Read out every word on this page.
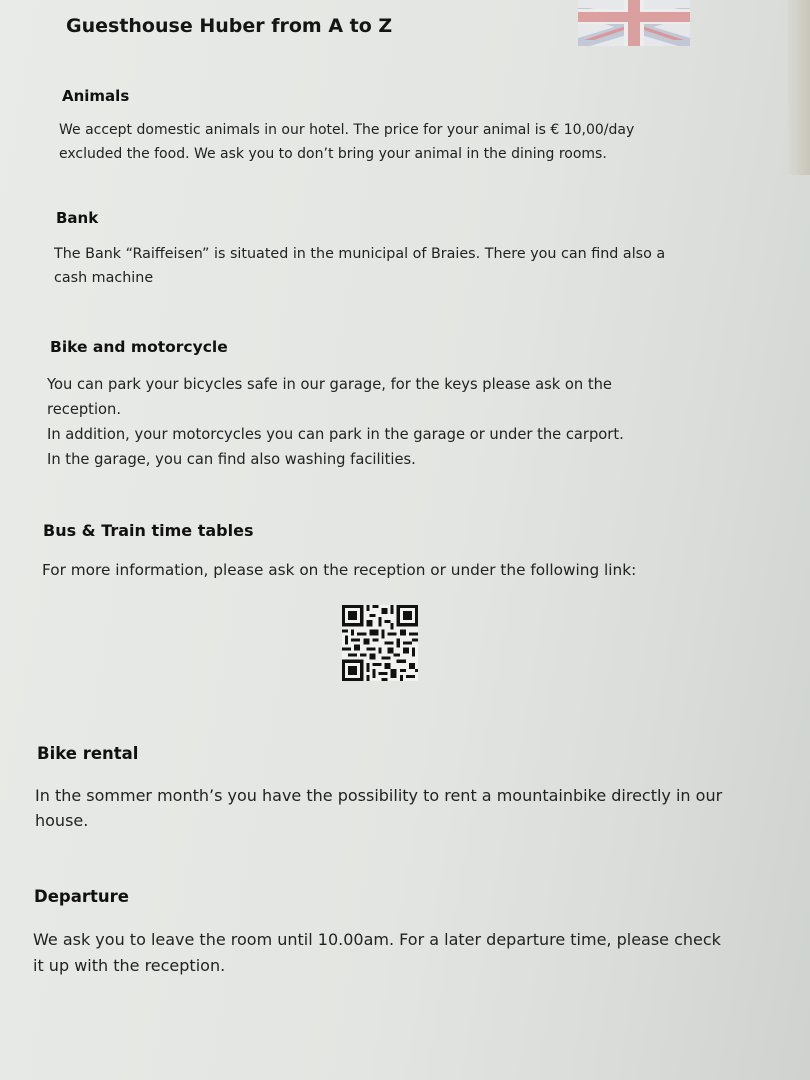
Guesthouse Huber from A to Z
Animals
We accept domestic animals in our hotel. The price for your animal is € 10,00/day
excluded the food. We ask you to don’t bring your animal in the dining rooms.
Bank
The Bank “Raiffeisen” is situated in the municipal of Braies. There you can find also a
cash machine
Bike and motorcycle
You can park your bicycles safe in our garage, for the keys please ask on the
reception.
In addition, your motorcycles you can park in the garage or under the carport.
In the garage, you can find also washing facilities.
Bus & Train time tables
For more information, please ask on the reception or under the following link:
Bike rental
In the sommer month’s you have the possibility to rent a mountainbike directly in our
house.
Departure
We ask you to leave the room until 10.00am. For a later departure time, please check
it up with the reception.
